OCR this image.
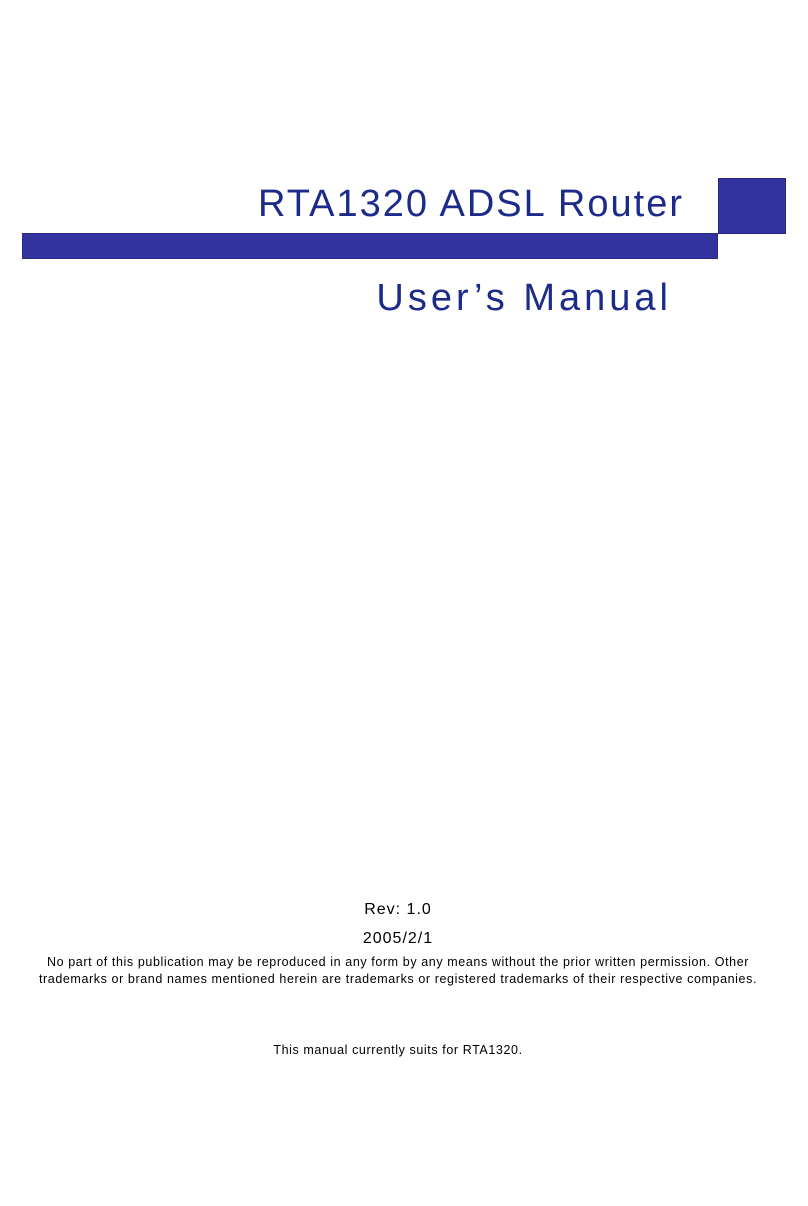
RTA1320 ADSL Router
User’s Manual
Rev: 1.0
2005/2/1
No part of this publication may be reproduced in any form by any means without the prior written permission. Other
trademarks or brand names mentioned herein are trademarks or registered trademarks of their respective companies.
This manual currently suits for RTA1320.
